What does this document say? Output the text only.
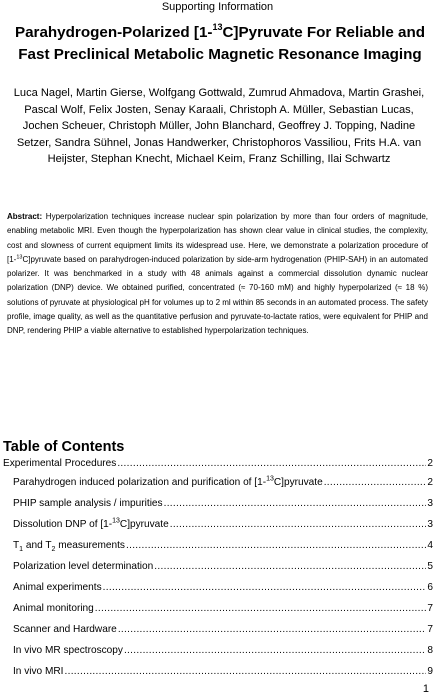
Supporting Information
Parahydrogen-Polarized [1-$^{13}$C]Pyruvate For Reliable and
Fast Preclinical Metabolic Magnetic Resonance Imaging
Luca Nagel, Martin Gierse, Wolfgang Gottwald, Zumrud Ahmadova, Martin Grashei,
Pascal Wolf, Felix Josten, Senay Karaali, Christoph A. Müller, Sebastian Lucas,
Jochen Scheuer, Christoph Müller, John Blanchard, Geoffrey J. Topping, Nadine
Setzer, Sandra Sühnel, Jonas Handwerker, Christophoros Vassiliou, Frits H.A. van
Heijster, Stephan Knecht, Michael Keim, Franz Schilling, Ilai Schwartz
Abstract: Hyperpolarization techniques increase nuclear spin polarization by more than four orders of magnitude, enabling metabolic MRI. Even though the hyperpolarization has shown clear value in clinical studies, the complexity, cost and slowness of current equipment limits its widespread use. Here, we demonstrate a polarization procedure of [1-$^{13}$C]pyruvate based on parahydrogen-induced polarization by side-arm hydrogenation (PHIP-SAH) in an automated polarizer. It was benchmarked in a study with 48 animals against a commercial dissolution dynamic nuclear polarization (DNP) device. We obtained purified, concentrated (≈ 70-160 mM) and highly hyperpolarized (≈ 18 %) solutions of pyruvate at physiological pH for volumes up to 2 ml within 85 seconds in an automated process. The safety profile, image quality, as well as the quantitative perfusion and pyruvate-to-lactate ratios, were equivalent for PHIP and DNP, rendering PHIP a viable alternative to established hyperpolarization techniques.
Table of Contents
Experimental Procedures .....	2
Parahydrogen induced polarization and purification of [1-$^{13}$C]pyruvate .....	2
PHIP sample analysis / impurities .....	3
Dissolution DNP of [1-$^{13}$C]pyruvate .....	3
$T_1$ and $T_2$ measurements .....	4
Polarization level determination .....	5
Animal experiments .....	6
Animal monitoring .....	7
Scanner and Hardware .....	7
In vivo MR spectroscopy .....	8
In vivo MRI .....	9
1
